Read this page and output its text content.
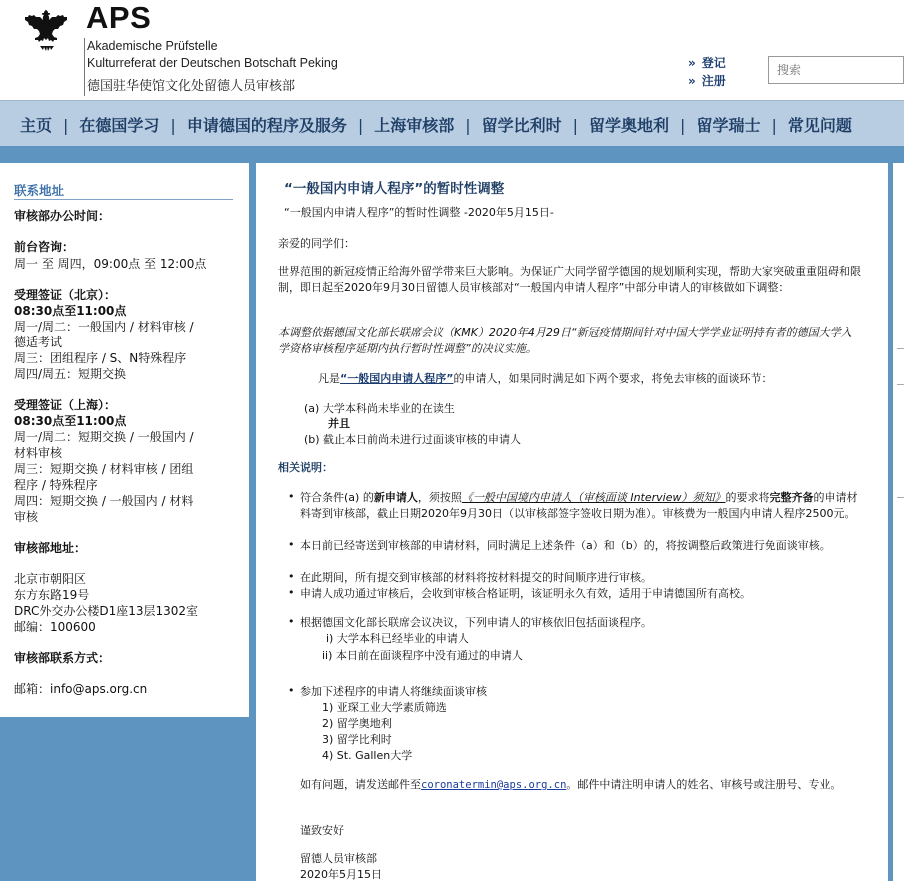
APS
Akademische Prüfstelle
Kulturreferat der Deutschen Botschaft Peking
德国驻华使馆文化处留德人员审核部
» 登记
» 注册
搜索
主页 | 在德国学习 | 申请德国的程序及服务 | 上海审核部 | 留学比利时 | 留学奥地利 | 留学瑞士 | 常见问题
联系地址
审核部办公时间：
前台咨询：
周一 至 周四，09:00点 至 12:00点
受理签证（北京）：
08:30点至11:00点
周一/周二：一般国内 / 材料审核 /
德适考试
周三：团组程序 / S、N特殊程序
周四/周五：短期交换
受理签证（上海）：
08:30点至11:00点
周一/周二：短期交换 / 一般国内 /
材料审核
周三：短期交换 / 材料审核 / 团组
程序 / 特殊程序
周四：短期交换 / 一般国内 / 材料
审核
审核部地址：
北京市朝阳区
东方东路19号
DRC外交办公楼D1座13层1302室
邮编：100600
审核部联系方式：
邮箱：info@aps.org.cn
“一般国内申请人程序”的暂时性调整
“一般国内申请人程序”的暂时性调整 -2020年5月15日-
亲爱的同学们：
世界范围的新冠疫情正给海外留学带来巨大影响。为保证广大同学留学德国的规划顺利实现，帮助大家突破重重阻碍和限制，即日起至2020年9月30日留德人员审核部对“一般国内申请人程序”中部分申请人的审核做如下调整：
本调整依据德国文化部长联席会议（KMK）2020年4月29日“新冠疫情期间针对中国大学学业证明持有者的德国大学入学资格审核程序延期内执行暂时性调整”的决议实施。
凡是“一般国内申请人程序”的申请人，如果同时满足如下两个要求，将免去审核的面谈环节：
(a) 大学本科尚未毕业的在读生
并且
(b) 截止本日前尚未进行过面谈审核的申请人
相关说明：
• 符合条件(a) 的新申请人，须按照《一般中国境内申请人（审核面谈 Interview）须知》的要求将完整齐备的申请材料寄到审核部，截止日期2020年9月30日（以审核部签字签收日期为准）。审核费为一般国内申请人程序2500元。
• 本日前已经寄送到审核部的申请材料，同时满足上述条件（a）和（b）的，将按调整后政策进行免面谈审核。
• 在此期间，所有提交到审核部的材料将按材料提交的时间顺序进行审核。
• 申请人成功通过审核后，会收到审核合格证明，该证明永久有效，适用于申请德国所有高校。
• 根据德国文化部长联席会议决议，下列申请人的审核依旧包括面谈程序。
i) 大学本科已经毕业的申请人
ii) 本日前在面谈程序中没有通过的申请人
• 参加下述程序的申请人将继续面谈审核
1) 亚琛工业大学素质筛选
2) 留学奥地利
3) 留学比利时
4) St. Gallen大学
如有问题，请发送邮件至coronatermin@aps.org.cn。邮件中请注明申请人的姓名、审核号或注册号、专业。
谨致安好
留德人员审核部
2020年5月15日
